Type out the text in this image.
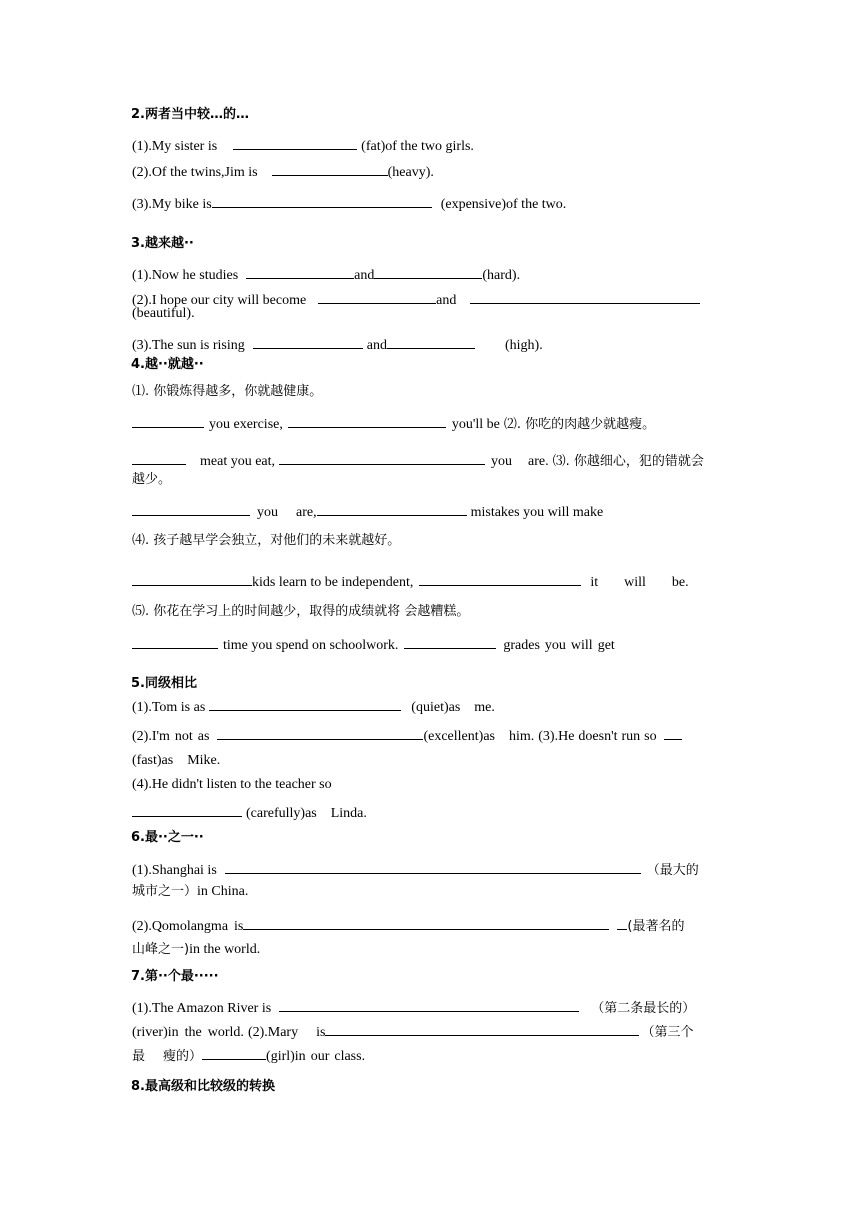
2.两者当中较…的…
(1).My sister is	(fat)of the two girls.
(2).Of the twins,Jim is	(heavy).
(3).My bike is	(expensive)of the two.
3.越来越··
(1).Now he studies	and	(hard).
(2).I hope our city will become	and
(beautiful).
(3).The sun is rising	and	(high).
4.越··就越··
⑴. 你锻炼得越多，你就越健康。
you exercise,	you'll be ⑵. 你吃的肉越少就越瘦。
meat you eat,	you are. ⑶. 你越细心，犯的错就会
越少。
you are,	mistakes you will make
⑷. 孩子越早学会独立，对他们的未来就越好。
kids learn to be independent,	it will be.
⑸. 你花在学习上的时间越少，取得的成绩就将 会越糟糕。
time you spend on schoolwork.	grades you will get
5.同级相比
(1).Tom is as	(quiet)as me.
(2).I'm not as	(excellent)as him. (3).He doesn't run so
(fast)as Mike.
(4).He didn't listen to the teacher so
(carefully)as Linda.
6.最··之一··
(1).Shanghai is	（最大的
城市之一）in China.
(2).Qomolangma is	(最著名的
山峰之一)in the world.
7.第··个最·····
(1).The Amazon River is	（第二条最长的）
(river)in the world. (2).Mary is	（第三个
最 瘦的）	(girl)in our class.
8.最高级和比较级的转换
